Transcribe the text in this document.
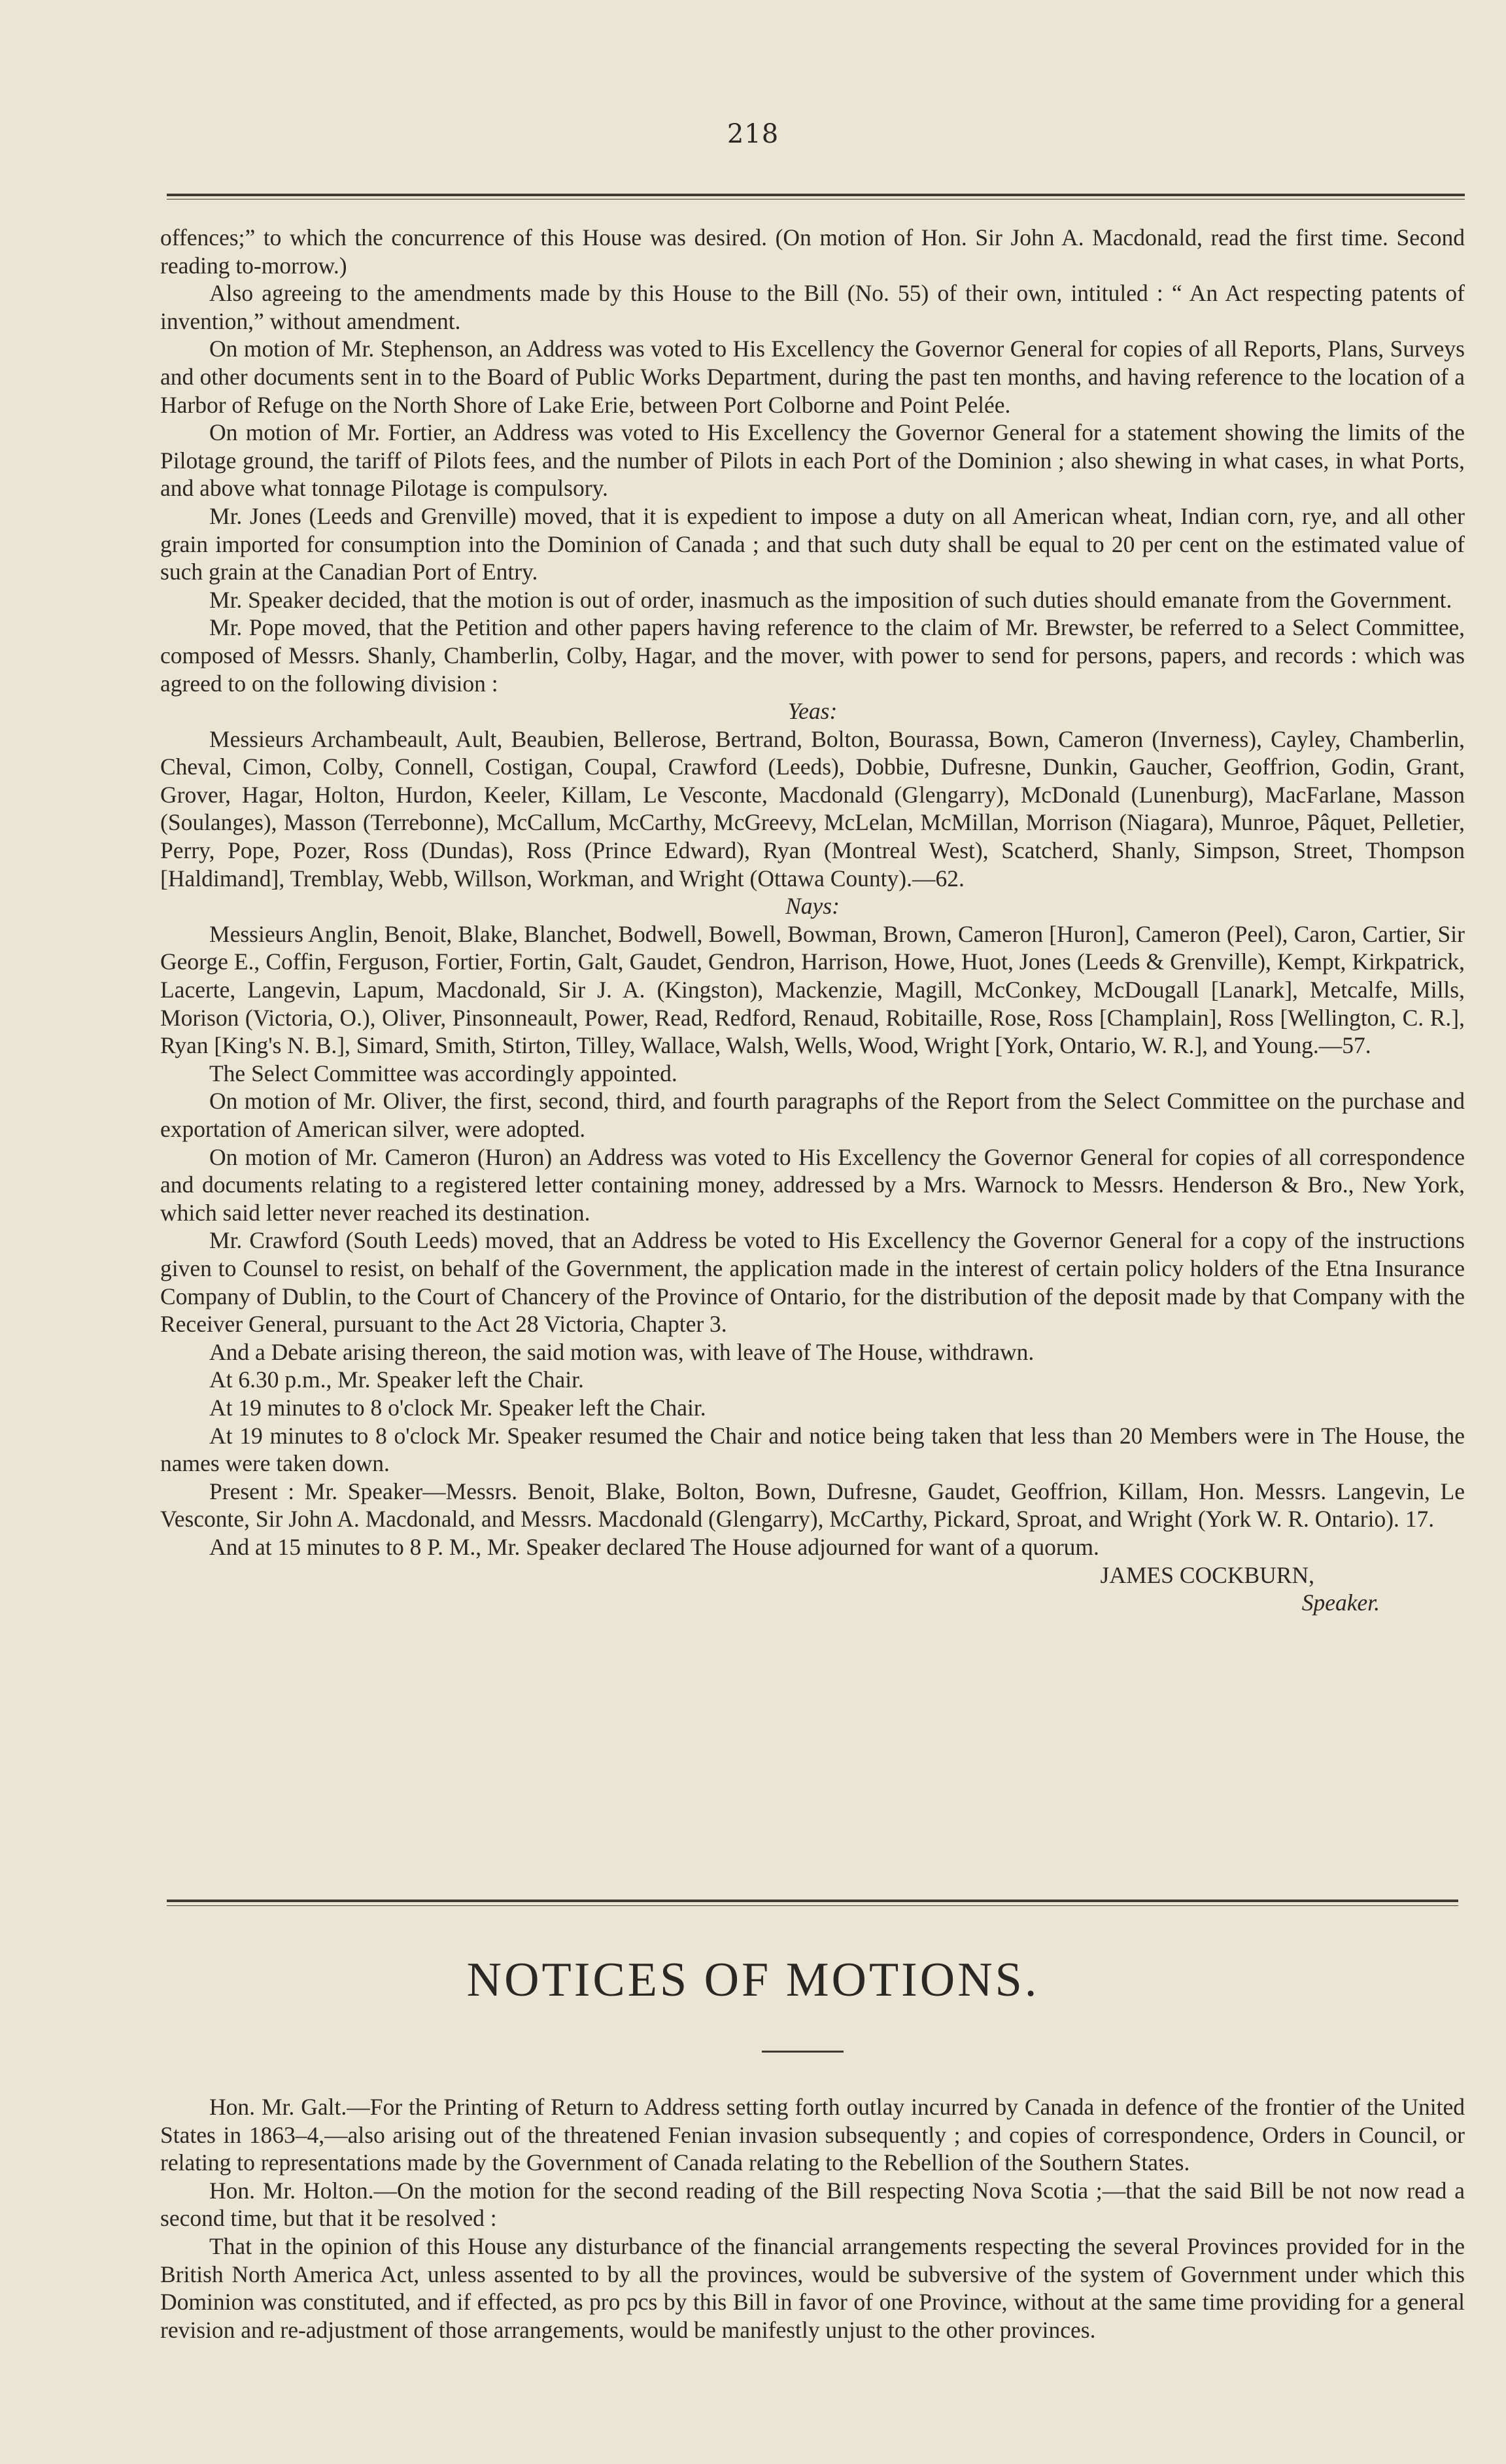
218

offences;” to which the concurrence of this House was desired. (On motion of Hon. Sir John A. Macdonald, read the first time. Second reading to-morrow.)

Also agreeing to the amendments made by this House to the Bill (No. 55) of their own, intituled : “ An Act respecting patents of invention,” without amendment.

On motion of Mr. Stephenson, an Address was voted to His Excellency the Governor General for copies of all Reports, Plans, Surveys and other documents sent in to the Board of Public Works Department, during the past ten months, and having reference to the location of a Harbor of Refuge on the North Shore of Lake Erie, between Port Colborne and Point Pelée.

On motion of Mr. Fortier, an Address was voted to His Excellency the Governor General for a statement showing the limits of the Pilotage ground, the tariff of Pilots fees, and the number of Pilots in each Port of the Dominion ; also shewing in what cases, in what Ports, and above what tonnage Pilotage is compulsory.

Mr. Jones (Leeds and Grenville) moved, that it is expedient to impose a duty on all American wheat, Indian corn, rye, and all other grain imported for consumption into the Dominion of Canada ; and that such duty shall be equal to 20 per cent on the estimated value of such grain at the Canadian Port of Entry.

Mr. Speaker decided, that the motion is out of order, inasmuch as the imposition of such duties should emanate from the Government.

Mr. Pope moved, that the Petition and other papers having reference to the claim of Mr. Brewster, be referred to a Select Committee, composed of Messrs. Shanly, Chamberlin, Colby, Hagar, and the mover, with power to send for persons, papers, and records : which was agreed to on the following division :

Yeas:

Messieurs Archambeault, Ault, Beaubien, Bellerose, Bertrand, Bolton, Bourassa, Bown, Cameron (Inverness), Cayley, Chamberlin, Cheval, Cimon, Colby, Connell, Costigan, Coupal, Crawford (Leeds), Dobbie, Dufresne, Dunkin, Gaucher, Geoffrion, Godin, Grant, Grover, Hagar, Holton, Hurdon, Keeler, Killam, Le Vesconte, Macdonald (Glengarry), McDonald (Lunenburg), MacFarlane, Masson (Soulanges), Masson (Terrebonne), McCallum, McCarthy, McGreevy, McLelan, McMillan, Morrison (Niagara), Munroe, Pâquet, Pelletier, Perry, Pope, Pozer, Ross (Dundas), Ross (Prince Edward), Ryan (Montreal West), Scatcherd, Shanly, Simpson, Street, Thompson [Haldimand], Tremblay, Webb, Willson, Workman, and Wright (Ottawa County).—62.

Nays:

Messieurs Anglin, Benoit, Blake, Blanchet, Bodwell, Bowell, Bowman, Brown, Cameron [Huron], Cameron (Peel), Caron, Cartier, Sir George E., Coffin, Ferguson, Fortier, Fortin, Galt, Gaudet, Gendron, Harrison, Howe, Huot, Jones (Leeds & Grenville), Kempt, Kirkpatrick, Lacerte, Langevin, Lapum, Macdonald, Sir J. A. (Kingston), Mackenzie, Magill, McConkey, McDougall [Lanark], Metcalfe, Mills, Morison (Victoria, O.), Oliver, Pinsonneault, Power, Read, Redford, Renaud, Robitaille, Rose, Ross [Champlain], Ross [Wellington, C. R.], Ryan [King's N. B.], Simard, Smith, Stirton, Tilley, Wallace, Walsh, Wells, Wood, Wright [York, Ontario, W. R.], and Young.—57.

The Select Committee was accordingly appointed.

On motion of Mr. Oliver, the first, second, third, and fourth paragraphs of the Report from the Select Committee on the purchase and exportation of American silver, were adopted.

On motion of Mr. Cameron (Huron) an Address was voted to His Excellency the Governor General for copies of all correspondence and documents relating to a registered letter containing money, addressed by a Mrs. Warnock to Messrs. Henderson & Bro., New York, which said letter never reached its destination.

Mr. Crawford (South Leeds) moved, that an Address be voted to His Excellency the Governor General for a copy of the instructions given to Counsel to resist, on behalf of the Government, the application made in the interest of certain policy holders of the Etna Insurance Company of Dublin, to the Court of Chancery of the Province of Ontario, for the distribution of the deposit made by that Company with the Receiver General, pursuant to the Act 28 Victoria, Chapter 3.

And a Debate arising thereon, the said motion was, with leave of The House, withdrawn.

At 6.30 p.m., Mr. Speaker left the Chair.

At 19 minutes to 8 o'clock Mr. Speaker left the Chair.

At 19 minutes to 8 o'clock Mr. Speaker resumed the Chair and notice being taken that less than 20 Members were in The House, the names were taken down.

Present : Mr. Speaker—Messrs. Benoit, Blake, Bolton, Bown, Dufresne, Gaudet, Geoffrion, Killam, Hon. Messrs. Langevin, Le Vesconte, Sir John A. Macdonald, and Messrs. Macdonald (Glengarry), McCarthy, Pickard, Sproat, and Wright (York W. R. Ontario). 17.

And at 15 minutes to 8 P. M., Mr. Speaker declared The House adjourned for want of a quorum.

JAMES COCKBURN,

Speaker.

NOTICES OF MOTIONS.

Hon. Mr. Galt.—For the Printing of Return to Address setting forth outlay incurred by Canada in defence of the frontier of the United States in 1863–4,—also arising out of the threatened Fenian invasion subsequently ; and copies of correspondence, Orders in Council, or relating to representations made by the Government of Canada relating to the Rebellion of the Southern States.

Hon. Mr. Holton.—On the motion for the second reading of the Bill respecting Nova Scotia ;—that the said Bill be not now read a second time, but that it be resolved :

That in the opinion of this House any disturbance of the financial arrangements respecting the several Provinces provided for in the British North America Act, unless assented to by all the provinces, would be subversive of the system of Government under which this Dominion was constituted, and if effected, as pro pcs by this Bill in favor of one Province, without at the same time providing for a general revision and re-adjustment of those arrangements, would be manifestly unjust to the other provinces.
